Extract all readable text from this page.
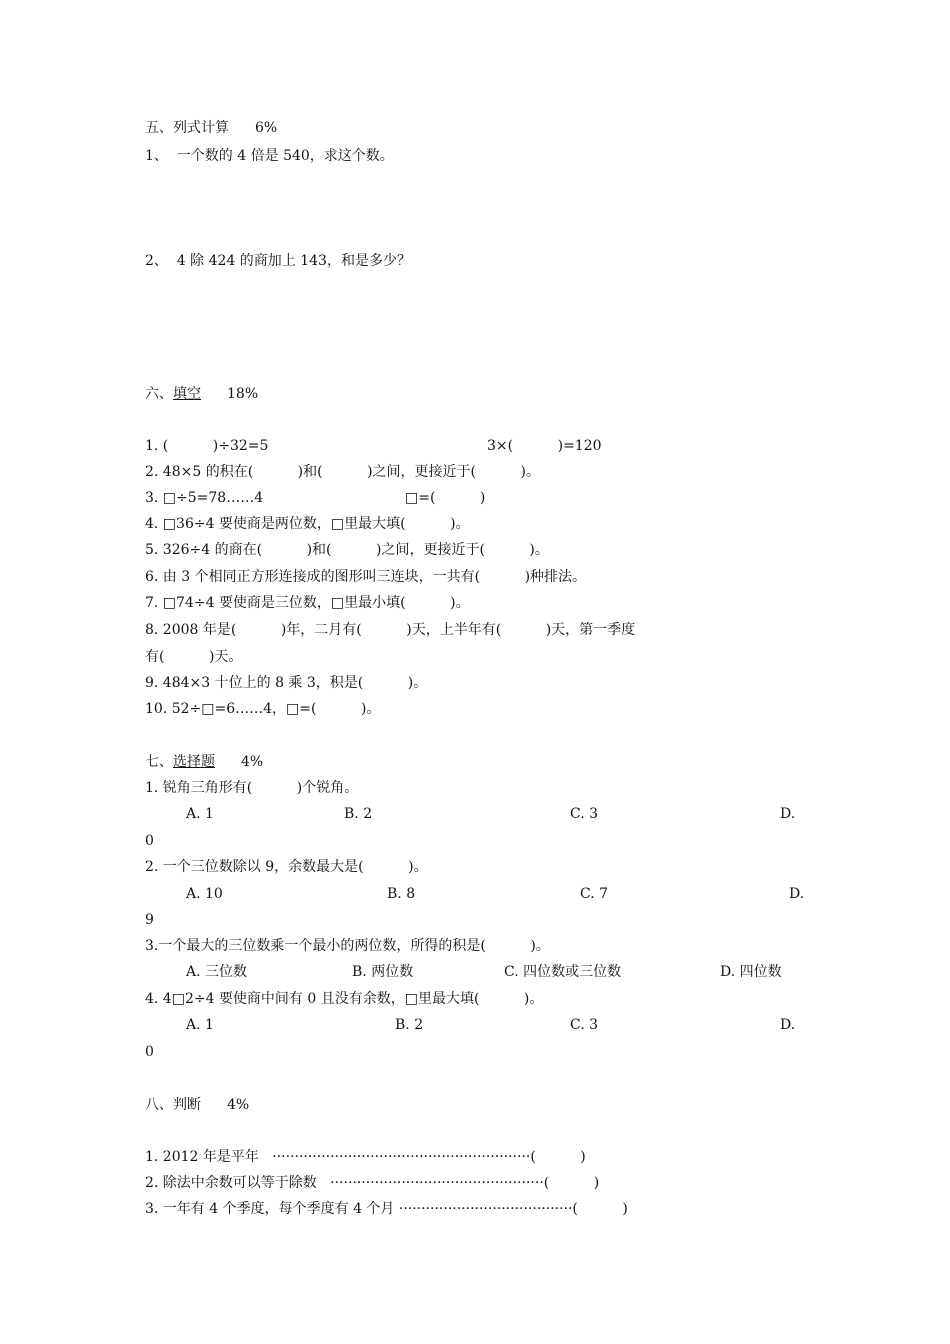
五、列式计算 6%
1、  一个数的 4 倍是 540，求这个数。
2、  4 除 424 的商加上 143，和是多少？
六、填空 18%
1. (          )÷32=5	3×(          )=120
2. 48×5 的积在(          )和(          )之间，更接近于(          )。
3. □÷5=78……4	□=(          )
4. □36÷4 要使商是两位数，□里最大填(          )。
5. 326÷4 的商在(          )和(          )之间，更接近于(          )。
6. 由 3 个相同正方形连接成的图形叫三连块，一共有(          )种排法。
7. □74÷4 要使商是三位数，□里最小填(          )。
8. 2008 年是(          )年，二月有(          )天，上半年有(          )天，第一季度
有(          )天。
9. 484×3 十位上的 8 乘 3，积是(          )。
10. 52÷□=6……4，□=(          )。
七、选择题 4%
1. 锐角三角形有(          )个锐角。
A. 1	B. 2	C. 3	D.
0
2. 一个三位数除以 9，余数最大是(          )。
A. 10	B. 8	C. 7	D.
9
3.一个最大的三位数乘一个最小的两位数，所得的积是(          )。
A. 三位数	B. 两位数	C. 四位数或三位数	D. 四位数
4. 4□2÷4 要使商中间有 0 且没有余数，□里最大填(          )。
A. 1	B. 2	C. 3	D.
0
八、判断 4%
1. 2012 年是平年   ··························································(          )
2. 除法中余数可以等于除数   ················································(          )
3. 一年有 4 个季度，每个季度有 4 个月 ·······································(          )
